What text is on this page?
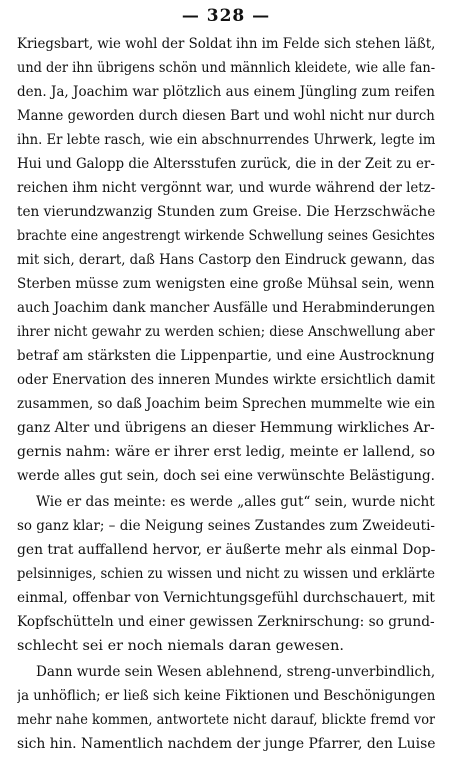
— 328 —
Kriegsbart, wie wohl der Soldat ihn im Felde sich stehen läßt,
und der ihn übrigens schön und männlich kleidete, wie alle fan-
den. Ja, Joachim war plötzlich aus einem Jüngling zum reifen
Manne geworden durch diesen Bart und wohl nicht nur durch
ihn. Er lebte rasch, wie ein abschnurrendes Uhrwerk, legte im
Hui und Galopp die Altersstufen zurück, die in der Zeit zu er-
reichen ihm nicht vergönnt war, und wurde während der letz-
ten vierundzwanzig Stunden zum Greise. Die Herzschwäche
brachte eine angestrengt wirkende Schwellung seines Gesichtes
mit sich, derart, daß Hans Castorp den Eindruck gewann, das
Sterben müsse zum wenigsten eine große Mühsal sein, wenn
auch Joachim dank mancher Ausfälle und Herabminderungen
ihrer nicht gewahr zu werden schien; diese Anschwellung aber
betraf am stärksten die Lippenpartie, und eine Austrocknung
oder Enervation des inneren Mundes wirkte ersichtlich damit
zusammen, so daß Joachim beim Sprechen mummelte wie ein
ganz Alter und übrigens an dieser Hemmung wirkliches Ar-
gernis nahm: wäre er ihrer erst ledig, meinte er lallend, so
werde alles gut sein, doch sei eine verwünschte Belästigung.
Wie er das meinte: es werde „alles gut“ sein, wurde nicht
so ganz klar; – die Neigung seines Zustandes zum Zweideuti-
gen trat auffallend hervor, er äußerte mehr als einmal Dop-
pelsinniges, schien zu wissen und nicht zu wissen und erklärte
einmal, offenbar von Vernichtungsgefühl durchschauert, mit
Kopfschütteln und einer gewissen Zerknirschung: so grund-
schlecht sei er noch niemals daran gewesen.
Dann wurde sein Wesen ablehnend, streng-unverbindlich,
ja unhöflich; er ließ sich keine Fiktionen und Beschönigungen
mehr nahe kommen, antwortete nicht darauf, blickte fremd vor
sich hin. Namentlich nachdem der junge Pfarrer, den Luise
